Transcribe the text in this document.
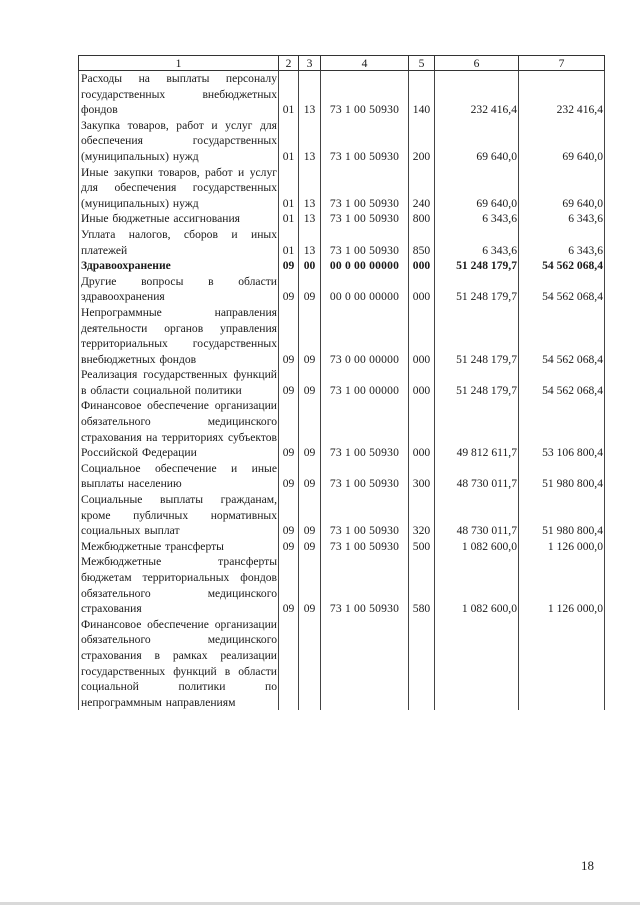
1	2	3	4	5	6	7
Расходы на выплаты персоналу государственных внебюджетных фондов	01	13	73 1 00 50930	140	232 416,4	232 416,4
Закупка товаров, работ и услуг для обеспечения государственных (муниципальных) нужд	01	13	73 1 00 50930	200	69 640,0	69 640,0
Иные закупки товаров, работ и услуг для обеспечения государственных (муниципальных) нужд	01	13	73 1 00 50930	240	69 640,0	69 640,0
Иные бюджетные ассигнования	01	13	73 1 00 50930	800	6 343,6	6 343,6
Уплата налогов, сборов и иных платежей	01	13	73 1 00 50930	850	6 343,6	6 343,6
Здравоохранение	09	00	00 0 00 00000	000	51 248 179,7	54 562 068,4
Другие вопросы в области здравоохранения	09	09	00 0 00 00000	000	51 248 179,7	54 562 068,4
Непрограммные направления деятельности органов управления территориальных государственных внебюджетных фондов	09	09	73 0 00 00000	000	51 248 179,7	54 562 068,4
Реализация государственных функций в области социальной политики	09	09	73 1 00 00000	000	51 248 179,7	54 562 068,4
Финансовое обеспечение организации обязательного медицинского страхования на территориях субъектов Российской Федерации	09	09	73 1 00 50930	000	49 812 611,7	53 106 800,4
Социальное обеспечение и иные выплаты населению	09	09	73 1 00 50930	300	48 730 011,7	51 980 800,4
Социальные выплаты гражданам, кроме публичных нормативных социальных выплат	09	09	73 1 00 50930	320	48 730 011,7	51 980 800,4
Межбюджетные трансферты	09	09	73 1 00 50930	500	1 082 600,0	1 126 000,0
Межбюджетные трансферты бюджетам территориальных фондов обязательного медицинского страхования	09	09	73 1 00 50930	580	1 082 600,0	1 126 000,0
Финансовое обеспечение организации обязательного медицинского страхования в рамках реализации государственных функций в области социальной политики по непрограммным направлениям						
18
